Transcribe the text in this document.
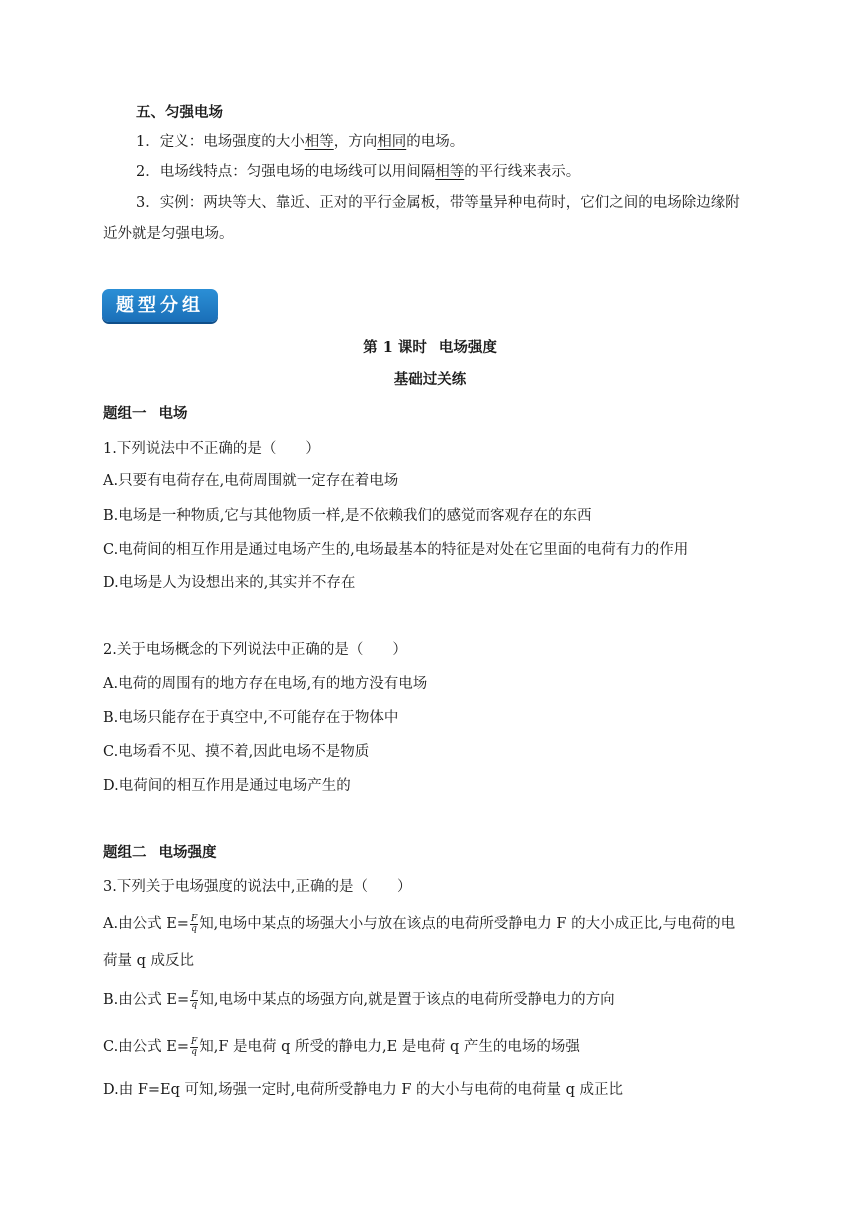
五、匀强电场
1．定义：电场强度的大小相等，方向相同的电场。
2．电场线特点：匀强电场的电场线可以用间隔相等的平行线来表示。
3．实例：两块等大、靠近、正对的平行金属板，带等量异种电荷时，它们之间的电场除边缘附
近外就是匀强电场。
题型分组
第 1 课时 电场强度
基础过关练
题组一 电场
1.下列说法中不正确的是（　　）
A.只要有电荷存在,电荷周围就一定存在着电场
B.电场是一种物质,它与其他物质一样,是不依赖我们的感觉而客观存在的东西
C.电荷间的相互作用是通过电场产生的,电场最基本的特征是对处在它里面的电荷有力的作用
D.电场是人为设想出来的,其实并不存在
2.关于电场概念的下列说法中正确的是（　　）
A.电荷的周围有的地方存在电场,有的地方没有电场
B.电场只能存在于真空中,不可能存在于物体中
C.电场看不见、摸不着,因此电场不是物质
D.电荷间的相互作用是通过电场产生的
题组二 电场强度
3.下列关于电场强度的说法中,正确的是（　　）
A.由公式 $E= \frac{F}{q}$ 知,电场中某点的场强大小与放在该点的电荷所受静电力 F 的大小成正比,与电荷的电
荷量 q 成反比
B.由公式 $E= \frac{F}{q}$ 知,电场中某点的场强方向,就是置于该点的电荷所受静电力的方向
C.由公式 $E= \frac{F}{q}$ 知,F 是电荷 q 所受的静电力,E 是电荷 q 产生的电场的场强
D.由 F=Eq 可知,场强一定时,电荷所受静电力 F 的大小与电荷的电荷量 q 成正比
